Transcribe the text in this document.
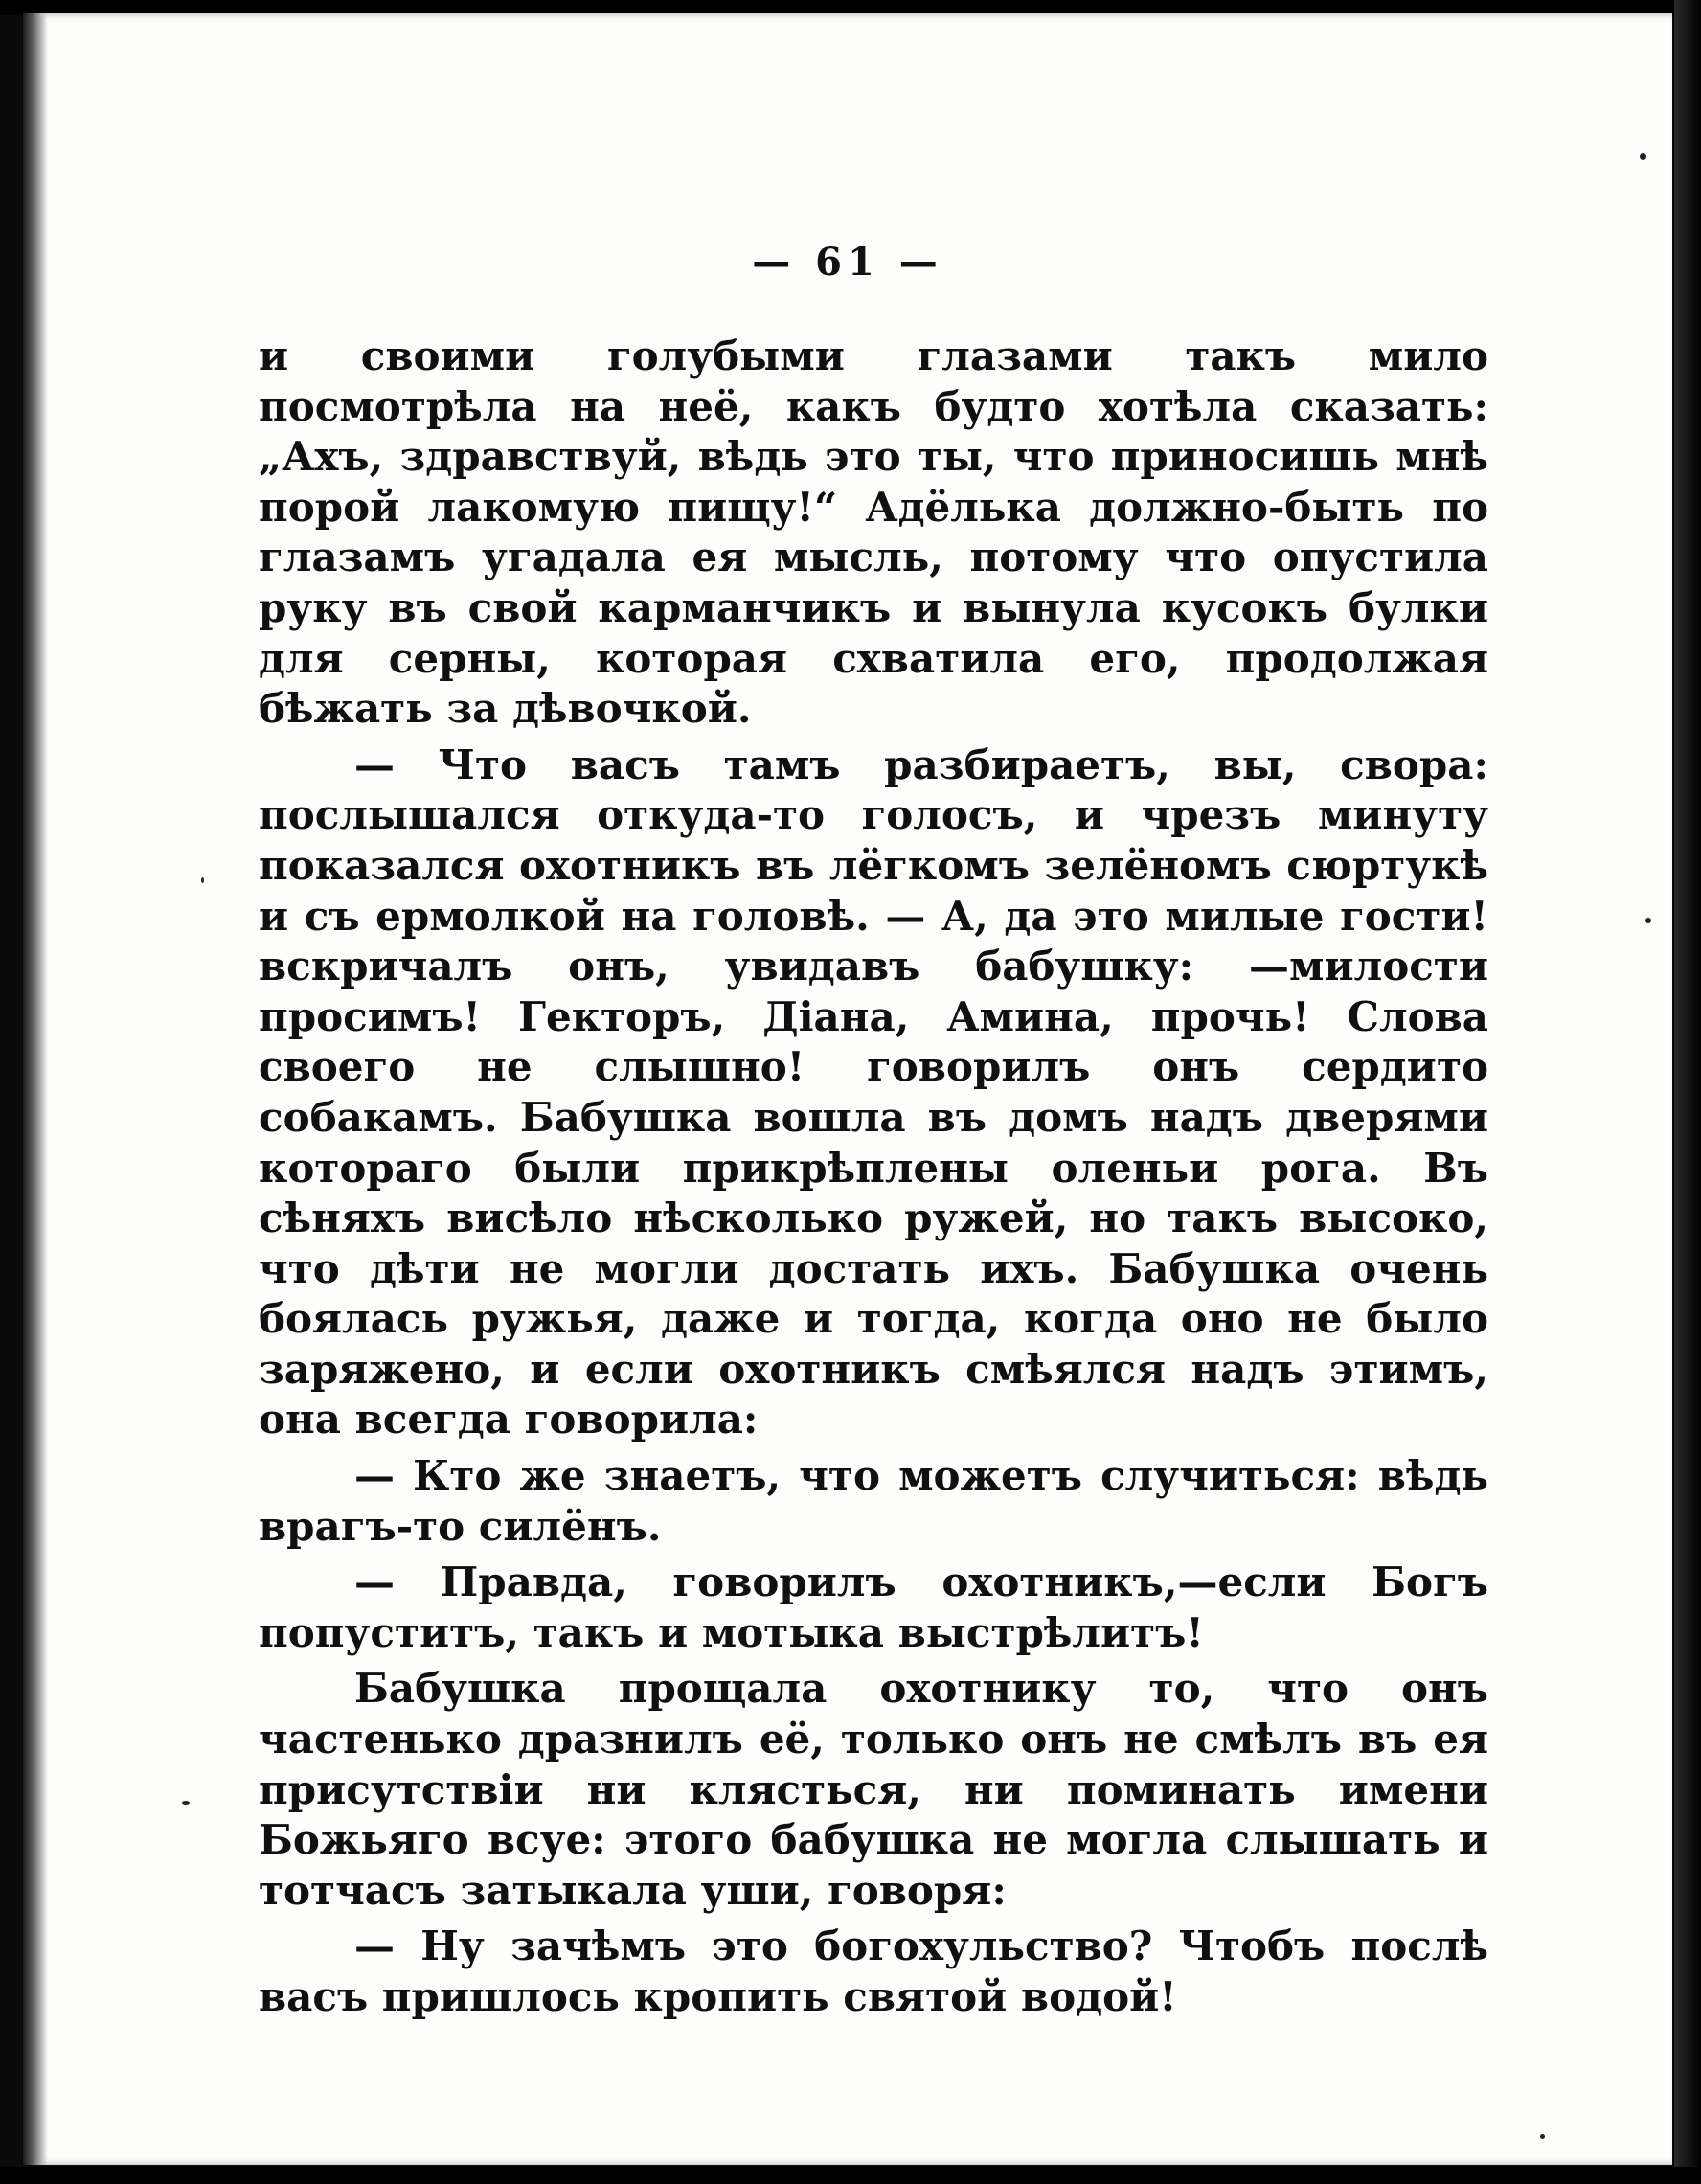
— 61 —

и своими голубыми глазами такъ мило посмотрѣла на неё, какъ будто хотѣла сказать: „Ахъ, здравствуй, вѣдь это ты, что приносишь мнѣ порой лакомую пищу!“ Адёлька должно-быть по глазамъ угадала ея мысль, потому что опустила руку въ свой карманчикъ и вынула кусокъ булки для серны, которая схватила его, продолжая бѣжать за дѣвочкой.

— Что васъ тамъ разбираетъ, вы, свора: послышался откуда-то голосъ, и чрезъ минуту показался охотникъ въ лёгкомъ зелёномъ сюртукѣ и съ ермолкой на головѣ. — А, да это милые гости! вскричалъ онъ, увидавъ бабушку: —милости просимъ! Гекторъ, Діана, Амина, прочь! Слова своего не слышно! говорилъ онъ сердито собакамъ. Бабушка вошла въ домъ надъ дверями котораго были прикрѣплены оленьи рога. Въ сѣняхъ висѣло нѣсколько ружей, но такъ высоко, что дѣти не могли достать ихъ. Бабушка очень боялась ружья, даже и тогда, когда оно не было заряжено, и если охотникъ смѣялся надъ этимъ, она всегда говорила:

— Кто же знаетъ, что можетъ случиться: вѣдь врагъ-то силёнъ.

— Правда, говорилъ охотникъ,—если Богъ попуститъ, такъ и мотыка выстрѣлитъ!

Бабушка прощала охотнику то, что онъ частенько дразнилъ её, только онъ не смѣлъ въ ея присутствіи ни клясться, ни поминать имени Божьяго всуе: этого бабушка не могла слышать и тотчасъ затыкала уши, говоря:

— Ну зачѣмъ это богохульство? Чтобъ послѣ васъ пришлось кропить святой водой!
